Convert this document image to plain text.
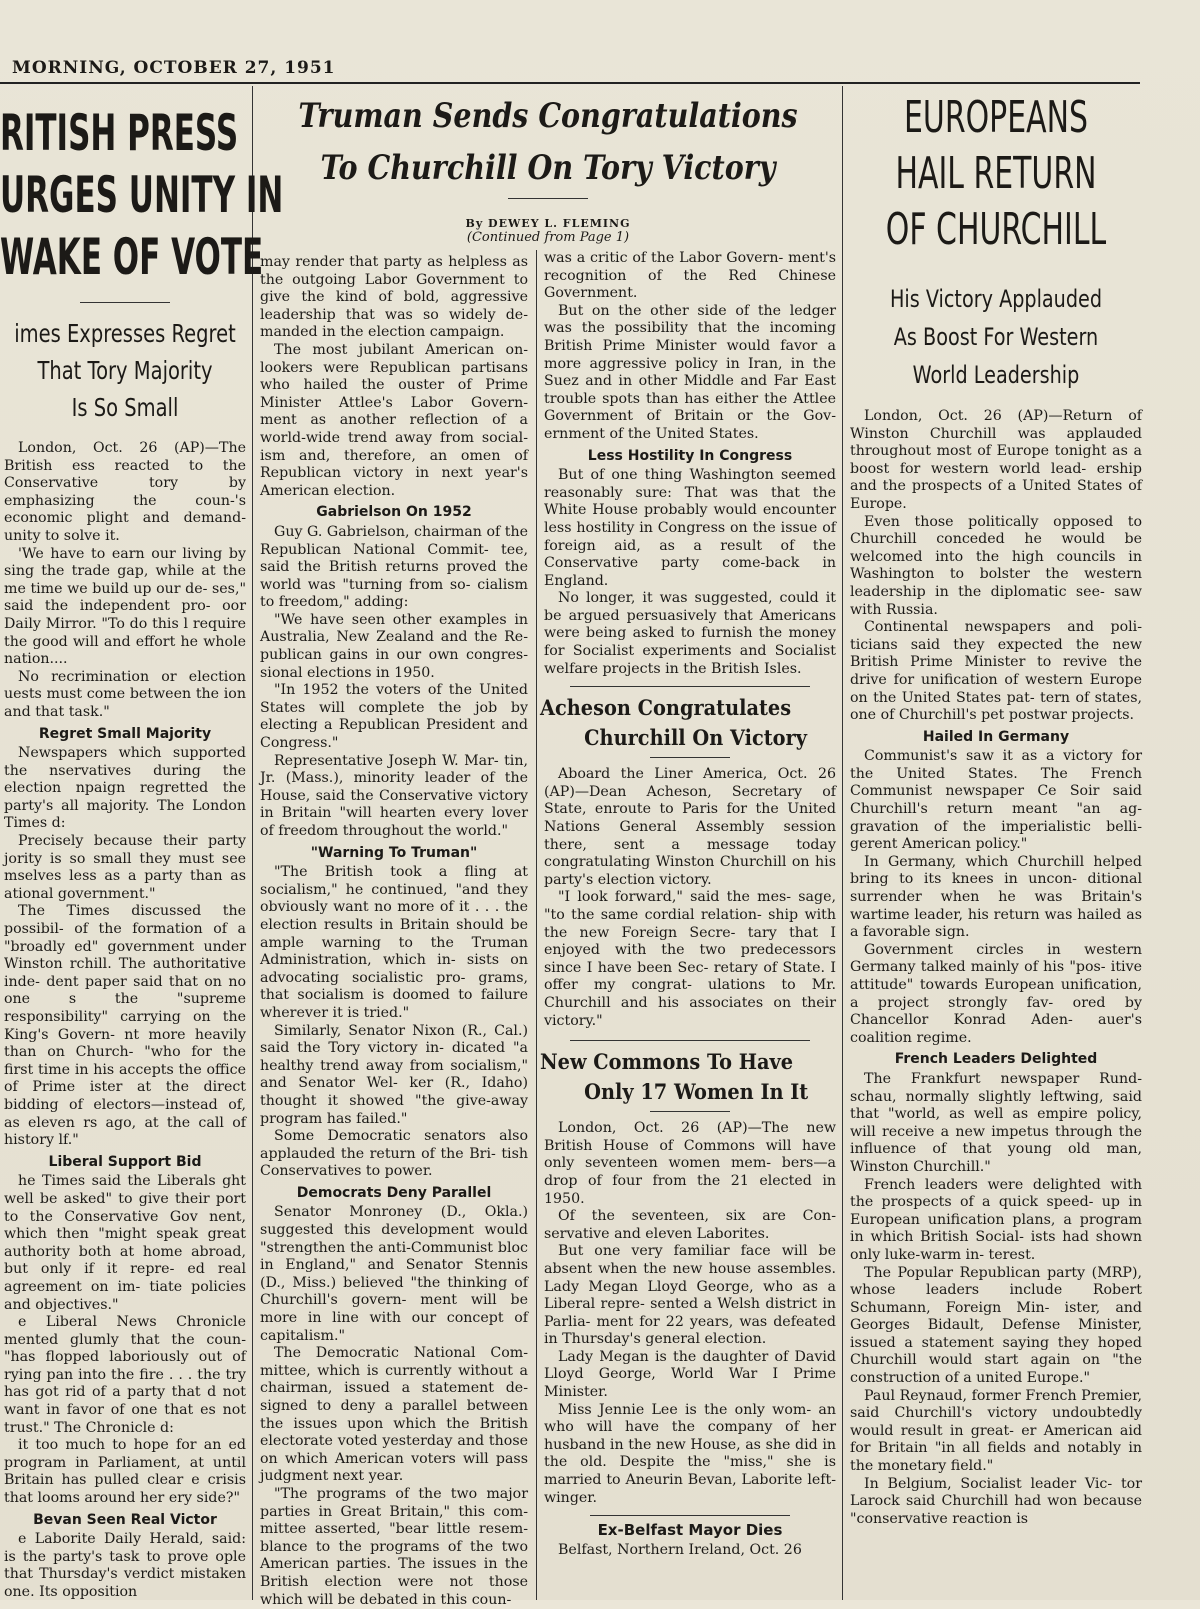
MORNING, OCTOBER 27, 1951
RITISH PRESS
URGES UNITY IN
WAKE OF VOTE
imes Expresses Regret
That Tory Majority
Is So Small

London, Oct. 26 (AP)—The British ess reacted to the Conservative tory by emphasizing the coun-'s economic plight and demand- unity to solve it.

'We have to earn our living by sing the trade gap, while at the me time we build up our de- ses," said the independent pro- oor Daily Mirror. "To do this l require the good will and effort he whole nation....

No recrimination or election uests must come between the ion and that task."

Regret Small Majority

Newspapers which supported the nservatives during the election npaign regretted the party's all majority. The London Times d:

Precisely because their party jority is so small they must see mselves less as a party than as ational government."

The Times discussed the possibil- of the formation of a "broadly ed" government under Winston rchill. The authoritative inde- dent paper said that on no one s the "supreme responsibility" carrying on the King's Govern- nt more heavily than on Church- "who for the first time in his accepts the office of Prime ister at the direct bidding of electors—instead of, as eleven rs ago, at the call of history lf."

Liberal Support Bid

he Times said the Liberals ght well be asked" to give their port to the Conservative Gov nent, which then "might speak great authority both at home abroad, but only if it repre- ed real agreement on im- tiate policies and objectives."

e Liberal News Chronicle mented glumly that the coun- "has flopped laboriously out of rying pan into the fire . . . the try has got rid of a party that d not want in favor of one that es not trust." The Chronicle d:

it too much to hope for an ed program in Parliament, at until Britain has pulled clear e crisis that looms around her ery side?"

Bevan Seen Real Victor

e Laborite Daily Herald, said: is the party's task to prove ople that Thursday's verdict mistaken one. Its opposition

Truman Sends Congratulations
To Churchill On Tory Victory
By DEWEY L. FLEMING
(Continued from Page 1)

may render that party as helpless as the outgoing Labor Government to give the kind of bold, aggressive leadership that was so widely de- manded in the election campaign.

The most jubilant American on- lookers were Republican partisans who hailed the ouster of Prime Minister Attlee's Labor Govern- ment as another reflection of a world-wide trend away from social- ism and, therefore, an omen of Republican victory in next year's American election.

Gabrielson On 1952

Guy G. Gabrielson, chairman of the Republican National Commit- tee, said the British returns proved the world was "turning from so- cialism to freedom," adding:

"We have seen other examples in Australia, New Zealand and the Re- publican gains in our own congres- sional elections in 1950.

"In 1952 the voters of the United States will complete the job by electing a Republican President and Congress."

Representative Joseph W. Mar- tin, Jr. (Mass.), minority leader of the House, said the Conservative victory in Britain "will hearten every lover of freedom throughout the world."

"Warning To Truman"

"The British took a fling at socialism," he continued, "and they obviously want no more of it . . . the election results in Britain should be ample warning to the Truman Administration, which in- sists on advocating socialistic pro- grams, that socialism is doomed to failure wherever it is tried."

Similarly, Senator Nixon (R., Cal.) said the Tory victory in- dicated "a healthy trend away from socialism," and Senator Wel- ker (R., Idaho) thought it showed "the give-away program has failed."

Some Democratic senators also applauded the return of the Bri- tish Conservatives to power.

Democrats Deny Parallel

Senator Monroney (D., Okla.) suggested this development would "strengthen the anti-Communist bloc in England," and Senator Stennis (D., Miss.) believed "the thinking of Churchill's govern- ment will be more in line with our concept of capitalism."

The Democratic National Com- mittee, which is currently without a chairman, issued a statement de- signed to deny a parallel between the issues upon which the British electorate voted yesterday and those on which American voters will pass judgment next year.

"The programs of the two major parties in Great Britain," this com- mittee asserted, "bear little resem- blance to the programs of the two American parties. The issues in the British election were not those which will be debated in this coun-

was a critic of the Labor Govern- ment's recognition of the Red Chinese Government.

But on the other side of the ledger was the possibility that the incoming British Prime Minister would favor a more aggressive policy in Iran, in the Suez and in other Middle and Far East trouble spots than has either the Attlee Government of Britain or the Gov- ernment of the United States.

Less Hostility In Congress

But of one thing Washington seemed reasonably sure: That was that the White House probably would encounter less hostility in Congress on the issue of foreign aid, as a result of the Conservative party come-back in England.

No longer, it was suggested, could it be argued persuasively that Americans were being asked to furnish the money for Socialist experiments and Socialist welfare projects in the British Isles.

Acheson Congratulates
Churchill On Victory

Aboard the Liner America, Oct. 26 (AP)—Dean Acheson, Secretary of State, enroute to Paris for the United Nations General Assembly session there, sent a message today congratulating Winston Churchill on his party's election victory.

"I look forward," said the mes- sage, "to the same cordial relation- ship with the new Foreign Secre- tary that I enjoyed with the two predecessors since I have been Sec- retary of State. I offer my congrat- ulations to Mr. Churchill and his associates on their victory."

New Commons To Have
Only 17 Women In It

London, Oct. 26 (AP)—The new British House of Commons will have only seventeen women mem- bers—a drop of four from the 21 elected in 1950.

Of the seventeen, six are Con- servative and eleven Laborites.

But one very familiar face will be absent when the new house assembles. Lady Megan Lloyd George, who as a Liberal repre- sented a Welsh district in Parlia- ment for 22 years, was defeated in Thursday's general election.

Lady Megan is the daughter of David Lloyd George, World War I Prime Minister.

Miss Jennie Lee is the only wom- an who will have the company of her husband in the new House, as she did in the old. Despite the "miss," she is married to Aneurin Bevan, Laborite left-winger.

Ex-Belfast Mayor Dies

Belfast, Northern Ireland, Oct. 26

EUROPEANS
HAIL RETURN
OF CHURCHILL
His Victory Applauded
As Boost For Western
World Leadership

London, Oct. 26 (AP)—Return of Winston Churchill was applauded throughout most of Europe tonight as a boost for western world lead- ership and the prospects of a United States of Europe.

Even those politically opposed to Churchill conceded he would be welcomed into the high councils in Washington to bolster the western leadership in the diplomatic see- saw with Russia.

Continental newspapers and poli- ticians said they expected the new British Prime Minister to revive the drive for unification of western Europe on the United States pat- tern of states, one of Churchill's pet postwar projects.

Hailed In Germany

Communist's saw it as a victory for the United States. The French Communist newspaper Ce Soir said Churchill's return meant "an ag- gravation of the imperialistic belli- gerent American policy."

In Germany, which Churchill helped bring to its knees in uncon- ditional surrender when he was Britain's wartime leader, his return was hailed as a favorable sign.

Government circles in western Germany talked mainly of his "pos- itive attitude" towards European unification, a project strongly fav- ored by Chancellor Konrad Aden- auer's coalition regime.

French Leaders Delighted

The Frankfurt newspaper Rund- schau, normally slightly leftwing, said that "world, as well as empire policy, will receive a new impetus through the influence of that young old man, Winston Churchill."

French leaders were delighted with the prospects of a quick speed- up in European unification plans, a program in which British Social- ists had shown only luke-warm in- terest.

The Popular Republican party (MRP), whose leaders include Robert Schumann, Foreign Min- ister, and Georges Bidault, Defense Minister, issued a statement saying they hoped Churchill would start again on "the construction of a united Europe."

Paul Reynaud, former French Premier, said Churchill's victory undoubtedly would result in great- er American aid for Britain "in all fields and notably in the monetary field."

In Belgium, Socialist leader Vic- tor Larock said Churchill had won because "conservative reaction is
